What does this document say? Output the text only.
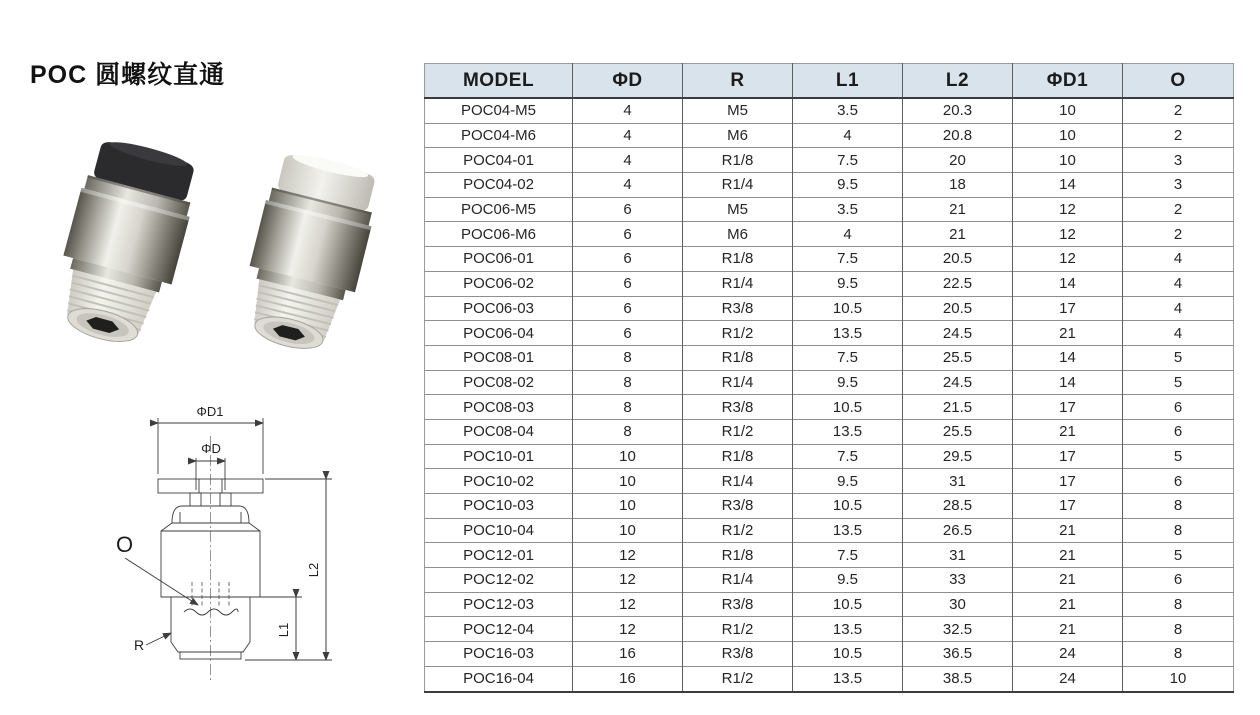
POC 圆螺纹直通
ΦD1
ΦD
L2
L1
O
R
MODEL	ΦD	R	L1	L2	ΦD1	O
POC04-M5	4	M5	3.5	20.3	10	2
POC04-M6	4	M6	4	20.8	10	2
POC04-01	4	R1/8	7.5	20	10	3
POC04-02	4	R1/4	9.5	18	14	3
POC06-M5	6	M5	3.5	21	12	2
POC06-M6	6	M6	4	21	12	2
POC06-01	6	R1/8	7.5	20.5	12	4
POC06-02	6	R1/4	9.5	22.5	14	4
POC06-03	6	R3/8	10.5	20.5	17	4
POC06-04	6	R1/2	13.5	24.5	21	4
POC08-01	8	R1/8	7.5	25.5	14	5
POC08-02	8	R1/4	9.5	24.5	14	5
POC08-03	8	R3/8	10.5	21.5	17	6
POC08-04	8	R1/2	13.5	25.5	21	6
POC10-01	10	R1/8	7.5	29.5	17	5
POC10-02	10	R1/4	9.5	31	17	6
POC10-03	10	R3/8	10.5	28.5	17	8
POC10-04	10	R1/2	13.5	26.5	21	8
POC12-01	12	R1/8	7.5	31	21	5
POC12-02	12	R1/4	9.5	33	21	6
POC12-03	12	R3/8	10.5	30	21	8
POC12-04	12	R1/2	13.5	32.5	21	8
POC16-03	16	R3/8	10.5	36.5	24	8
POC16-04	16	R1/2	13.5	38.5	24	10
